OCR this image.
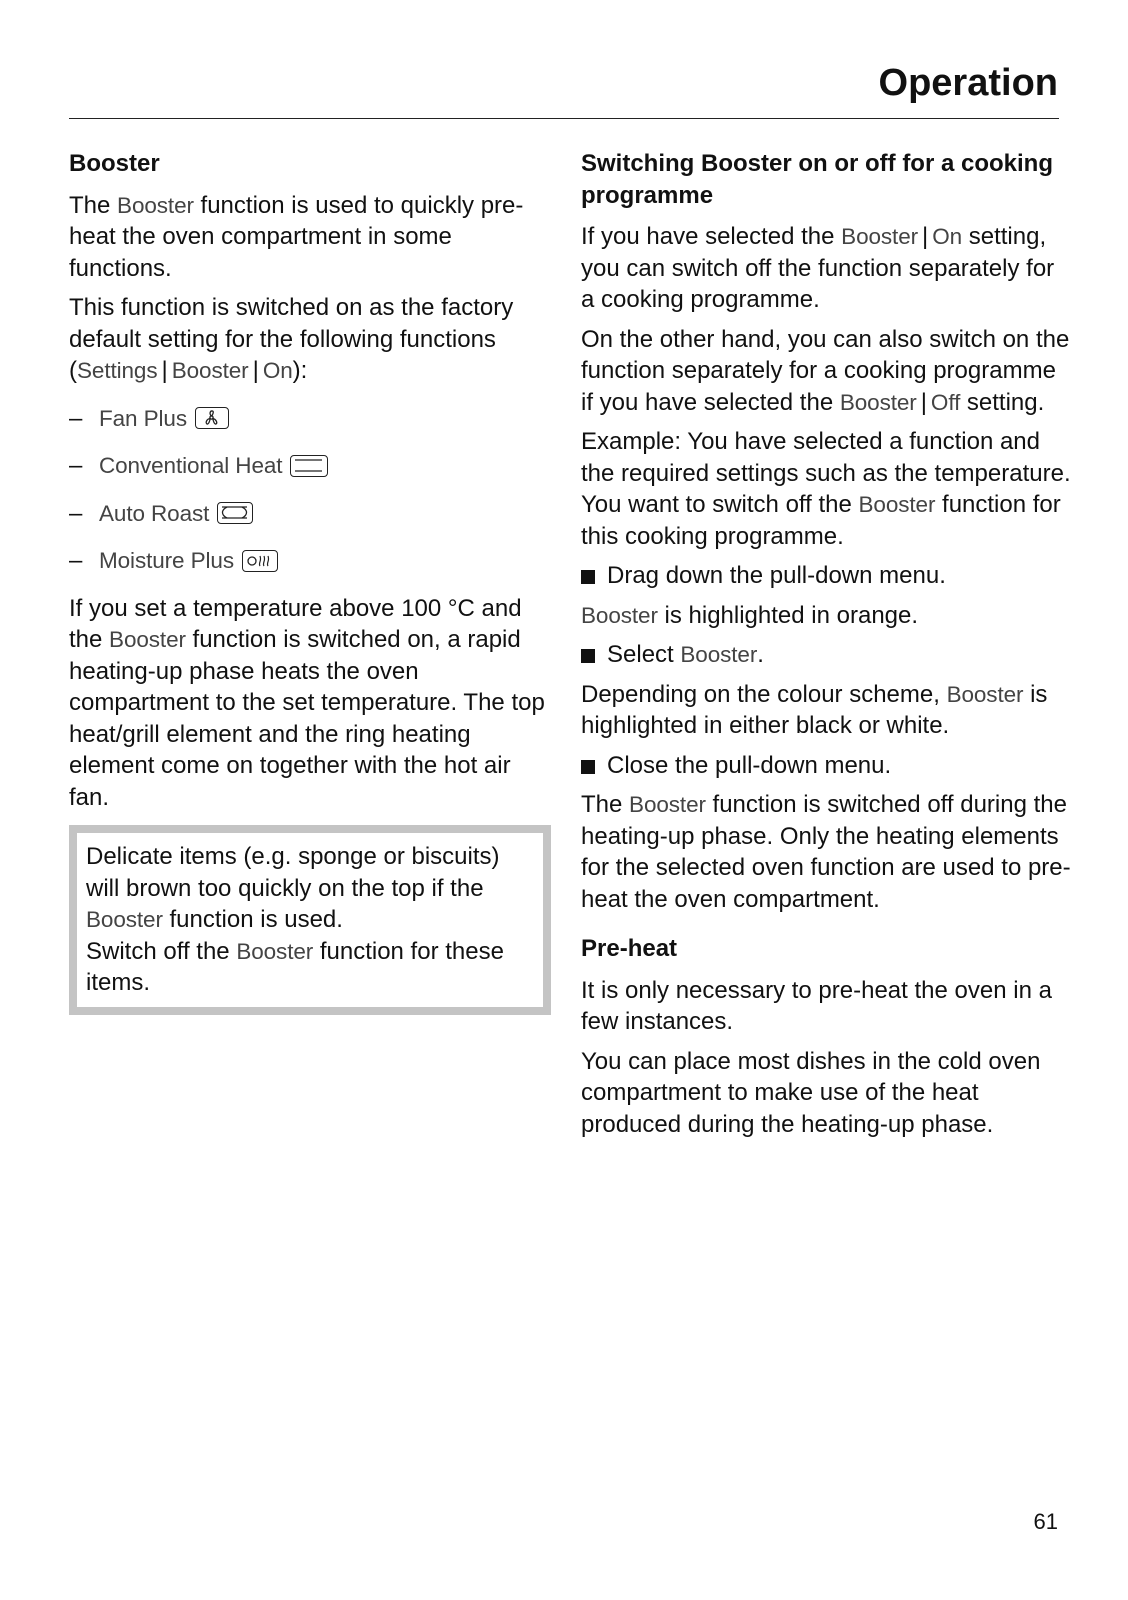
Operation
Booster

The Booster function is used to quickly pre-heat the oven compartment in some functions.

This function is switched on as the factory default setting for the following functions (Settings | Booster | On):

– Fan Plus
– Conventional Heat
– Auto Roast
– Moisture Plus

If you set a temperature above 100 °C and the Booster function is switched on, a rapid heating-up phase heats the oven compartment to the set temperature. The top heat/grill element and the ring heating element come on together with the hot air fan.

Delicate items (e.g. sponge or biscuits) will brown too quickly on the top if the Booster function is used.

Switch off the Booster function for these items.

Switching Booster on or off for a cooking programme

If you have selected the Booster | On setting, you can switch off the function separately for a cooking programme.

On the other hand, you can also switch on the function separately for a cooking programme if you have selected the Booster | Off setting.

Example: You have selected a function and the required settings such as the temperature.

You want to switch off the Booster function for this cooking programme.

Drag down the pull-down menu.

Booster is highlighted in orange.

Select Booster.

Depending on the colour scheme, Booster is highlighted in either black or white.

Close the pull-down menu.

The Booster function is switched off during the heating-up phase. Only the heating elements for the selected oven function are used to pre-heat the oven compartment.

Pre-heat

It is only necessary to pre-heat the oven in a few instances.

You can place most dishes in the cold oven compartment to make use of the heat produced during the heating-up phase.

61
